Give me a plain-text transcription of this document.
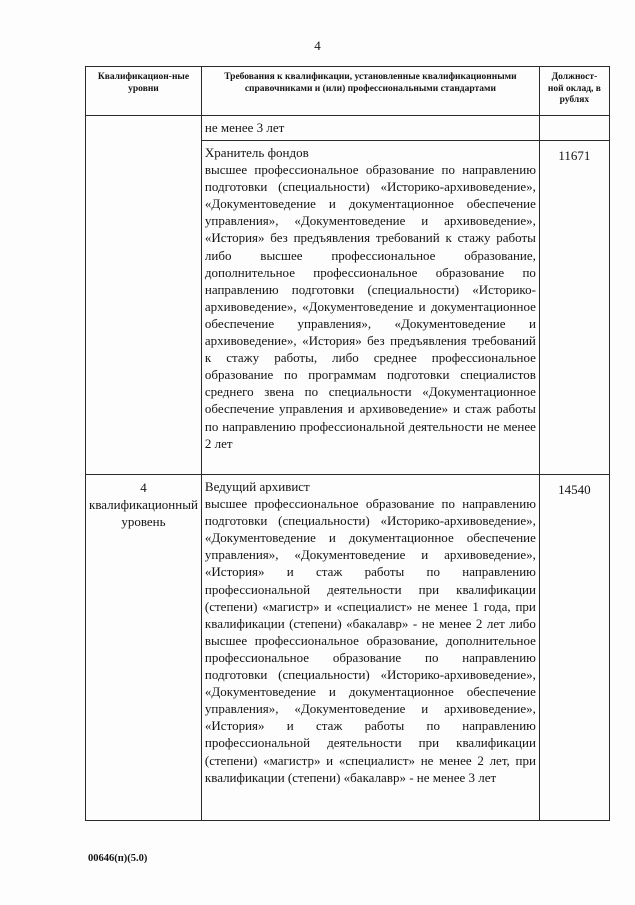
4
Квалификацион-ные уровни	Требования к квалификации, установленные квалификационными справочниками и (или) профессиональными стандартами	Должност-ной оклад, в рублях

	не менее 3 лет	

	Хранитель фондов
высшее профессиональное образование по направлению подготовки (специальности) «Историко-архивоведение», «Документоведение и документационное обеспечение управления», «Документоведение и архивоведение», «История» без предъявления требований к стажу работы либо высшее профессиональное образование, дополнительное профессиональное образование по направлению подготовки (специальности) «Историко-архивоведение», «Документоведение и документационное обеспечение управления», «Документоведение и архивоведение», «История» без предъявления требований к стажу работы, либо среднее профессиональное образование по программам подготовки специалистов среднего звена по специальности «Документационное обеспечение управления и архивоведение» и стаж работы по направлению профессиональной деятельности не менее 2 лет	11671

4 квалификационный уровень	Ведущий архивист
высшее профессиональное образование по направлению подготовки (специальности) «Историко-архивоведение», «Документоведение и документационное обеспечение управления», «Документоведение и архивоведение», «История» и стаж работы по направлению профессиональной деятельности при квалификации (степени) «магистр» и «специалист» не менее 1 года, при квалификации (степени) «бакалавр» - не менее 2 лет либо высшее профессиональное образование, дополнительное профессиональное образование по направлению подготовки (специальности) «Историко-архивоведение», «Документоведение и документационное обеспечение управления», «Документоведение и архивоведение», «История» и стаж работы по направлению профессиональной деятельности при квалификации (степени) «магистр» и «специалист» не менее 2 лет, при квалификации (степени) «бакалавр» - не менее 3 лет	14540
00646(п)(5.0)
